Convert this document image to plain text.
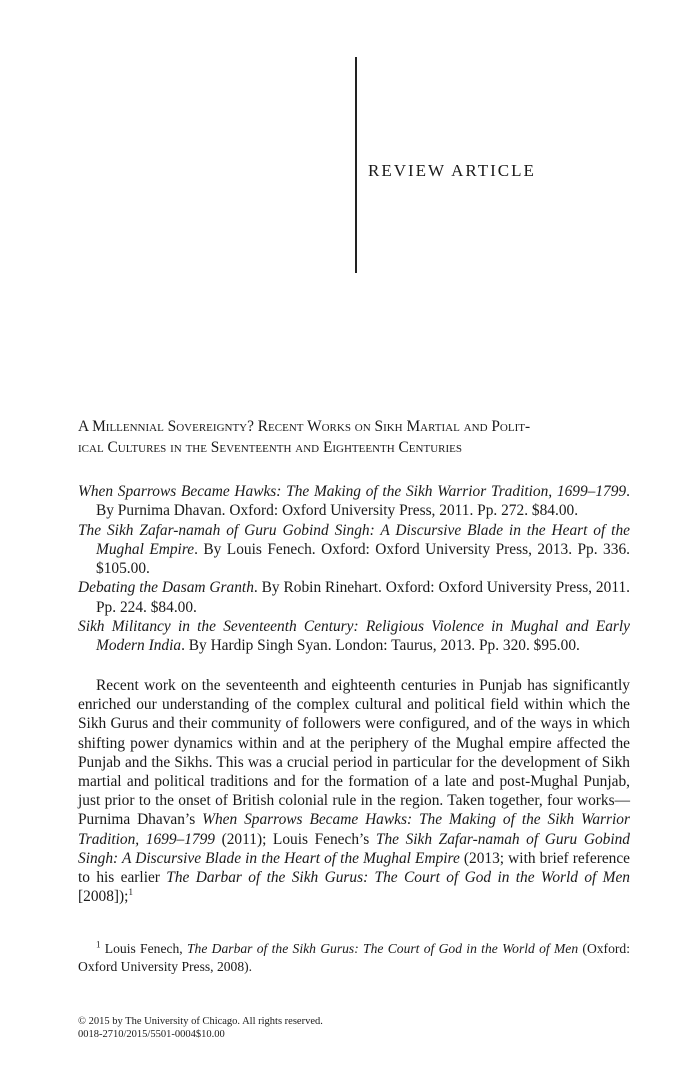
REVIEW ARTICLE

A Millennial Sovereignty? Recent Works on Sikh Martial and Polit-
ical Cultures in the Seventeenth and Eighteenth Centuries
When Sparrows Became Hawks: The Making of the Sikh Warrior Tradition, 1699–1799. By Purnima Dhavan. Oxford: Oxford University Press, 2011. Pp. 272. $84.00.
The Sikh Zafar-namah of Guru Gobind Singh: A Discursive Blade in the Heart of the Mughal Empire. By Louis Fenech. Oxford: Oxford University Press, 2013. Pp. 336. $105.00.
Debating the Dasam Granth. By Robin Rinehart. Oxford: Oxford University Press, 2011. Pp. 224. $84.00.
Sikh Militancy in the Seventeenth Century: Religious Violence in Mughal and Early Modern India. By Hardip Singh Syan. London: Taurus, 2013. Pp. 320. $95.00.

Recent work on the seventeenth and eighteenth centuries in Punjab has significantly enriched our understanding of the complex cultural and political field within which the Sikh Gurus and their community of followers were configured, and of the ways in which shifting power dynamics within and at the periphery of the Mughal empire affected the Punjab and the Sikhs. This was a crucial period in particular for the development of Sikh martial and political traditions and for the formation of a late and post-Mughal Punjab, just prior to the onset of British colonial rule in the region. Taken together, four works—Purnima Dhavan’s When Sparrows Became Hawks: The Making of the Sikh Warrior Tradition, 1699–1799 (2011); Louis Fenech’s The Sikh Zafar-namah of Guru Gobind Singh: A Discursive Blade in the Heart of the Mughal Empire (2013; with brief reference to his earlier The Darbar of the Sikh Gurus: The Court of God in the World of Men [2008]);$^1$

$^1$ Louis Fenech, The Darbar of the Sikh Gurus: The Court of God in the World of Men (Oxford: Oxford University Press, 2008).

© 2015 by The University of Chicago. All rights reserved.
0018-2710/2015/5501-0004$10.00
